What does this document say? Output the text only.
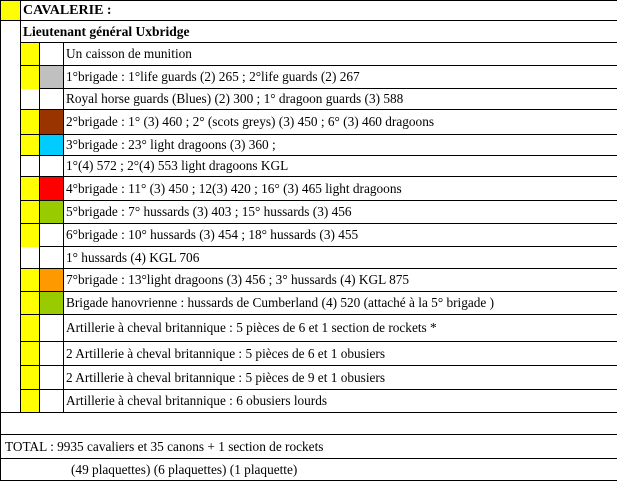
	CAVALERIE :		
	Lieutenant général Uxbridge		
			Un caisson de munition
			1°brigade : 1°life guards (2) 265 ; 2°life guards (2) 267
			Royal horse guards (Blues) (2) 300 ; 1° dragoon guards (3) 588
			2°brigade : 1° (3) 460 ; 2° (scots greys) (3) 450 ; 6° (3) 460 dragoons
			3°brigade : 23° light dragoons (3) 360 ;
			1°(4) 572 ; 2°(4) 553 light dragoons KGL
			4°brigade : 11° (3) 450 ; 12(3) 420 ; 16° (3) 465 light dragoons
			5°brigade : 7° hussards (3) 403 ; 15° hussards (3) 456
			6°brigade : 10° hussards (3) 454 ; 18° hussards (3) 455
			1° hussards (4) KGL 706
			7°brigade : 13°light dragoons (3) 456 ; 3° hussards (4) KGL 875
			Brigade hanovrienne : hussards de Cumberland (4) 520 (attaché à la 5° brigade )
			Artillerie à cheval britannique : 5 pièces de 6 et 1 section de rockets *
			2 Artillerie à cheval britannique : 5 pièces de 6 et 1 obusiers
			2 Artillerie à cheval britannique : 5 pièces de 9 et 1 obusiers
			Artillerie à cheval britannique : 6 obusiers lourds

TOTAL : 9935 cavaliers et 35 canons + 1 section de rockets			
(49 plaquettes) (6 plaquettes) (1 plaquette)			
